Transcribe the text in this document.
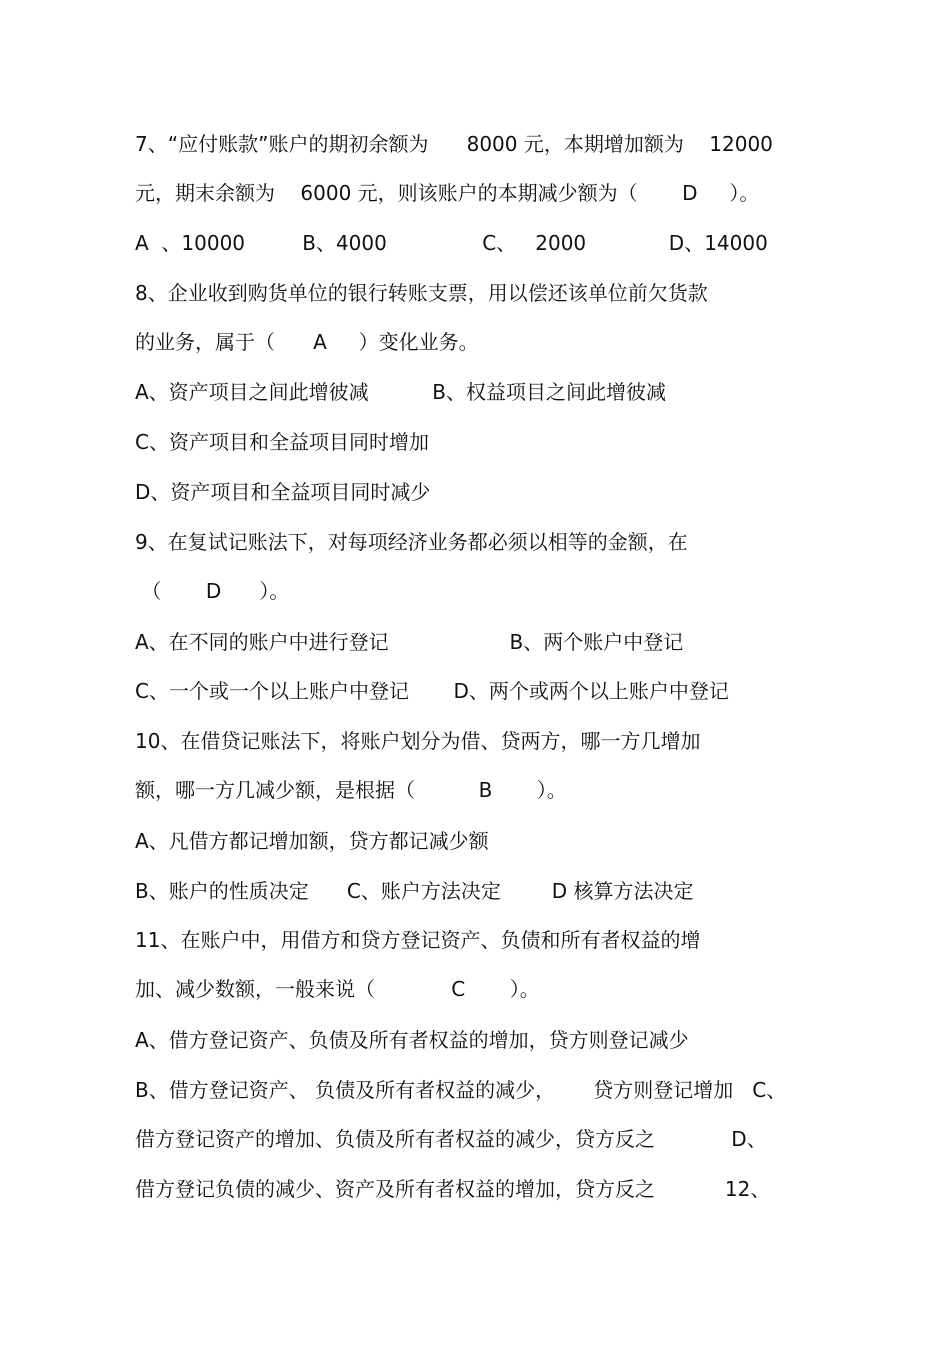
7、“应付账款”账户的期初余额为      8000 元，本期增加额为    12000
元，期末余额为    6000 元，则该账户的本期减少额为（       D     ）。
A  、10000         B、4000               C、   2000             D、14000
8、企业收到购货单位的银行转账支票，用以偿还该单位前欠货款
的业务，属于（      A     ）变化业务。
A、资产项目之间此增彼减          B、权益项目之间此增彼减
C、资产项目和全益项目同时增加
D、资产项目和全益项目同时减少
9、在复试记账法下，对每项经济业务都必须以相等的金额，在
（       D      ）。
A、在不同的账户中进行登记                   B、两个账户中登记
C、一个或一个以上账户中登记       D、两个或两个以上账户中登记
10、在借贷记账法下，将账户划分为借、贷两方，哪一方几增加
额，哪一方几减少额，是根据（          B       ）。
A、凡借方都记增加额，贷方都记减少额
B、账户的性质决定      C、账户方法决定        D 核算方法决定
11、在账户中，用借方和贷方登记资产、负债和所有者权益的增
加、减少数额，一般来说（            C       ）。
A、借方登记资产、负债及所有者权益的增加，贷方则登记减少
B、借方登记资产、 负债及所有者权益的减少，      贷方则登记增加   C、
借方登记资产的增加、负债及所有者权益的减少，贷方反之            D、
借方登记负债的减少、资产及所有者权益的增加，贷方反之           12、
